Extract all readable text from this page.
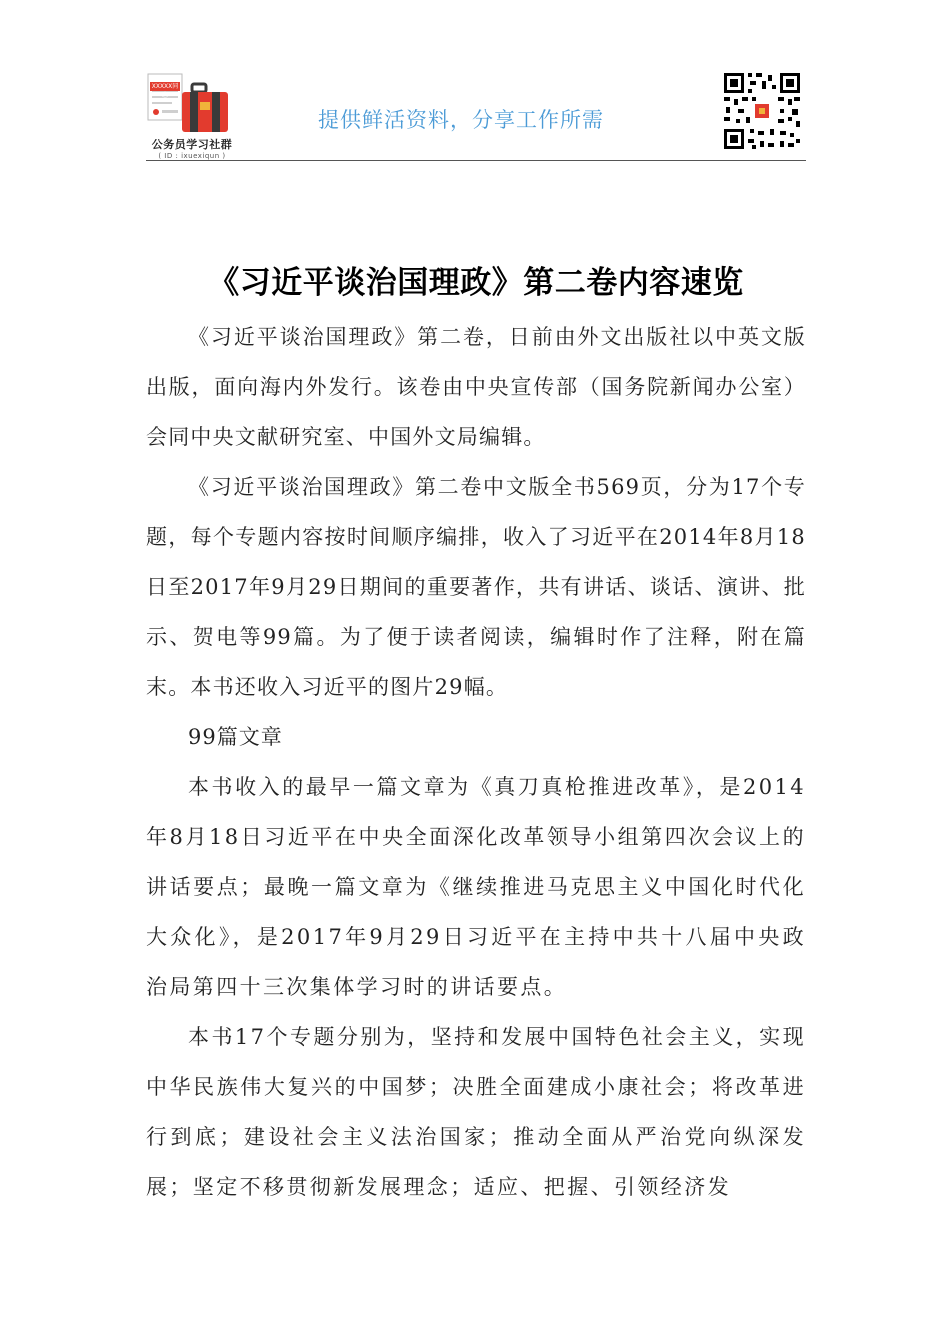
XXXXX同志
公务员学习社群
( ID : ixuexiqun )
提供鲜活资料，分享工作所需
《习近平谈治国理政》第二卷内容速览

《习近平谈治国理政》第二卷，日前由外文出版社以中英文版出版，面向海内外发行。该卷由中央宣传部（国务院新闻办公室）会同中央文献研究室、中国外文局编辑。

《习近平谈治国理政》第二卷中文版全书569页，分为17个专题，每个专题内容按时间顺序编排，收入了习近平在2014年8月18日至2017年9月29日期间的重要著作，共有讲话、谈话、演讲、批示、贺电等99篇。为了便于读者阅读，编辑时作了注释，附在篇末。本书还收入习近平的图片29幅。

99篇文章

本书收入的最早一篇文章为《真刀真枪推进改革》，是2014年8月18日习近平在中央全面深化改革领导小组第四次会议上的讲话要点；最晚一篇文章为《继续推进马克思主义中国化时代化大众化》，是2017年9月29日习近平在主持中共十八届中央政治局第四十三次集体学习时的讲话要点。

本书17个专题分别为，坚持和发展中国特色社会主义，实现中华民族伟大复兴的中国梦；决胜全面建成小康社会；将改革进行到底；建设社会主义法治国家；推动全面从严治党向纵深发展；坚定不移贯彻新发展理念；适应、把握、引领经济发
